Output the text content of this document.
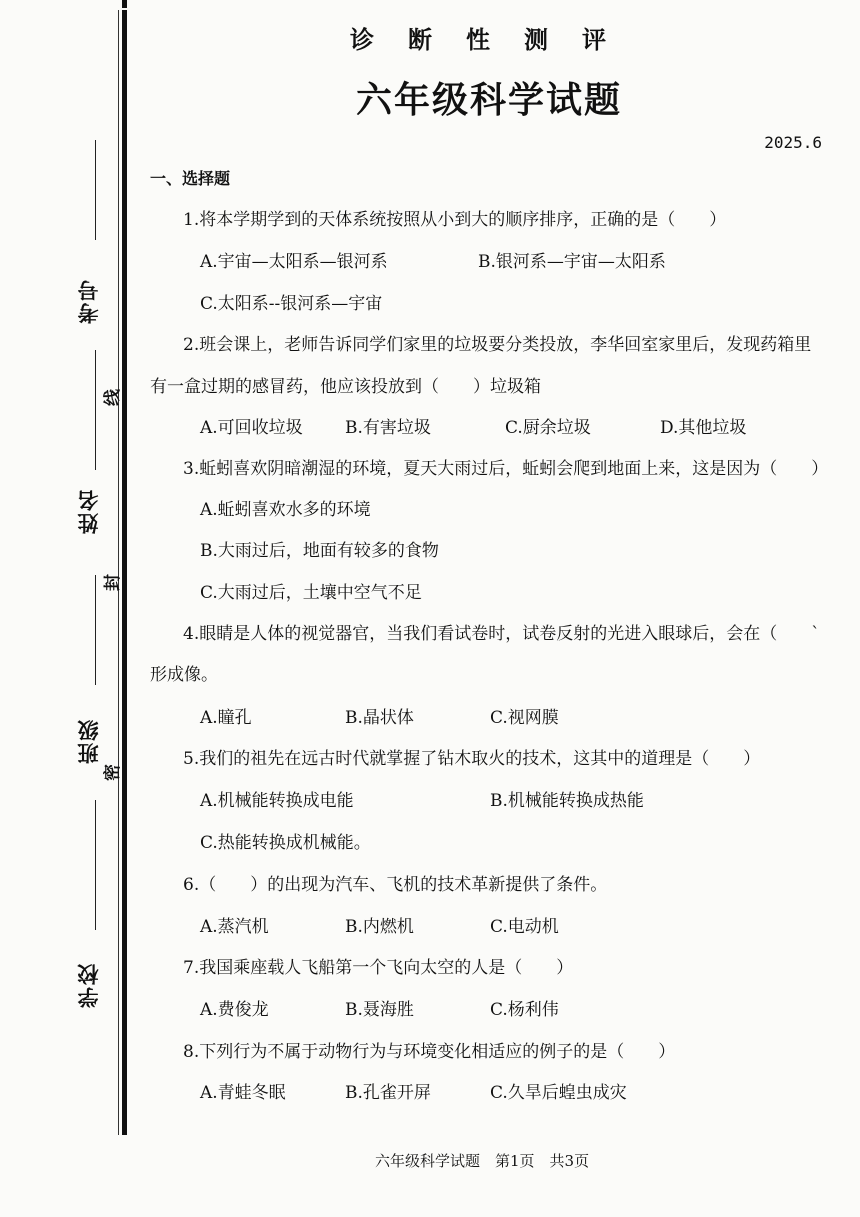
考号
姓名
班级
学校
线
封
密
诊断性测评
六年级科学试题
2025.6
一、选择题
1.将本学期学到的天体系统按照从小到大的顺序排序，正确的是（　　）
A.宇宙—太阳系—银河系	B.银河系—宇宙—太阳系
C.太阳系--银河系—宇宙
2.班会课上，老师告诉同学们家里的垃圾要分类投放，李华回室家里后，发现药箱里
有一盒过期的感冒药，他应该投放到（　　）垃圾箱
A.可回收垃圾 B.有害垃圾	C.厨余垃圾	D.其他垃圾
3.蚯蚓喜欢阴暗潮湿的环境，夏天大雨过后，蚯蚓会爬到地面上来，这是因为（　　）
A.蚯蚓喜欢水多的环境
B.大雨过后，地面有较多的食物
C.大雨过后，土壤中空气不足
4.眼睛是人体的视觉器官，当我们看试卷时，试卷反射的光进入眼球后，会在（　　`
形成像。
A.瞳孔	B.晶状体	C.视网膜
5.我们的祖先在远古时代就掌握了钻木取火的技术，这其中的道理是（　　）
A.机械能转换成电能	B.机械能转换成热能
C.热能转换成机械能。
6.（　　）的出现为汽车、飞机的技术革新提供了条件。
A.蒸汽机	B.内燃机	C.电动机
7.我国乘座载人飞船第一个飞向太空的人是（　　）
A.费俊龙	B.聂海胜	C.杨利伟
8.下列行为不属于动物行为与环境变化相适应的例子的是（　　）
A.青蛙冬眠	B.孔雀开屏	C.久旱后蝗虫成灾
六年级科学试题　第1页　共3页
